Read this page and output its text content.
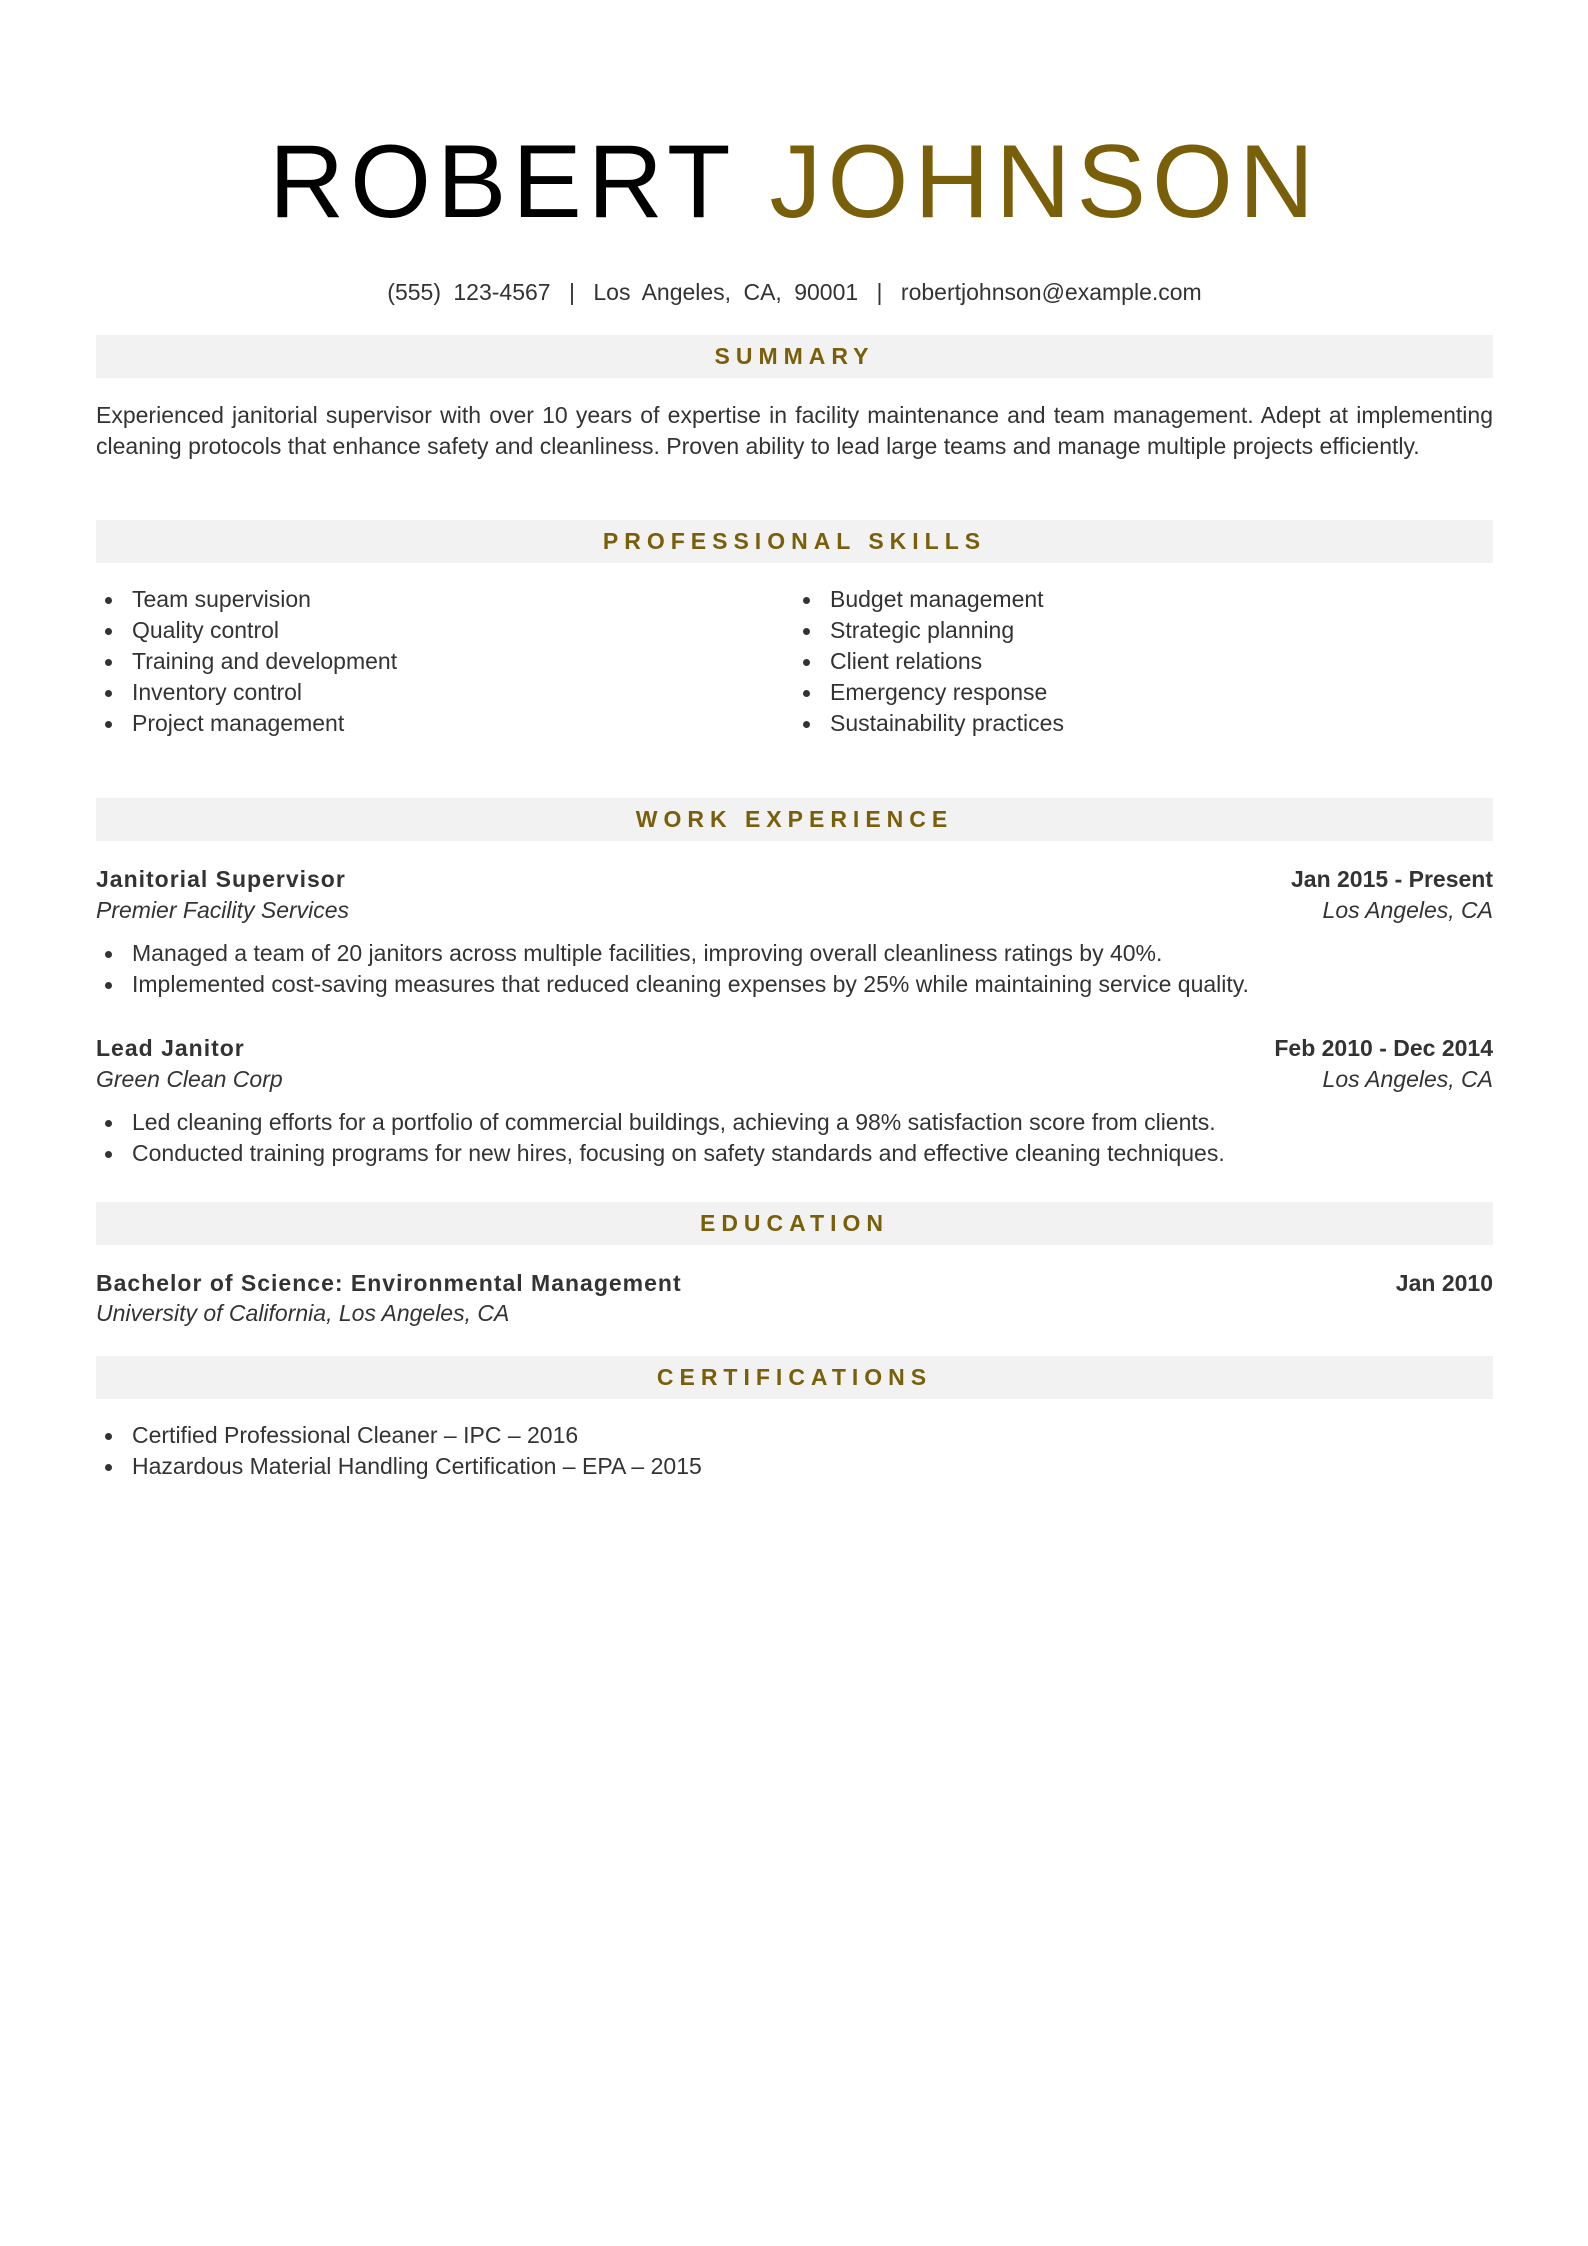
ROBERT JOHNSON
(555) 123-4567 | Los Angeles, CA, 90001 | robertjohnson@example.com
SUMMARY

Experienced janitorial supervisor with over 10 years of expertise in facility maintenance and team management. Adept at implementing cleaning protocols that enhance safety and cleanliness. Proven ability to lead large teams and manage multiple projects efficiently.

PROFESSIONAL SKILLS
Team supervision
Quality control
Training and development
Inventory control
Project management
Budget management
Strategic planning
Client relations
Emergency response
Sustainability practices
WORK EXPERIENCE
Janitorial Supervisor	Jan 2015 - Present
Premier Facility Services	Los Angeles, CA
Managed a team of 20 janitors across multiple facilities, improving overall cleanliness ratings by 40%.
Implemented cost-saving measures that reduced cleaning expenses by 25% while maintaining service quality.
Lead Janitor	Feb 2010 - Dec 2014
Green Clean Corp	Los Angeles, CA
Led cleaning efforts for a portfolio of commercial buildings, achieving a 98% satisfaction score from clients.
Conducted training programs for new hires, focusing on safety standards and effective cleaning techniques.
EDUCATION
Bachelor of Science: Environmental Management	Jan 2010
University of California, Los Angeles, CA
CERTIFICATIONS
Certified Professional Cleaner – IPC – 2016
Hazardous Material Handling Certification – EPA – 2015
